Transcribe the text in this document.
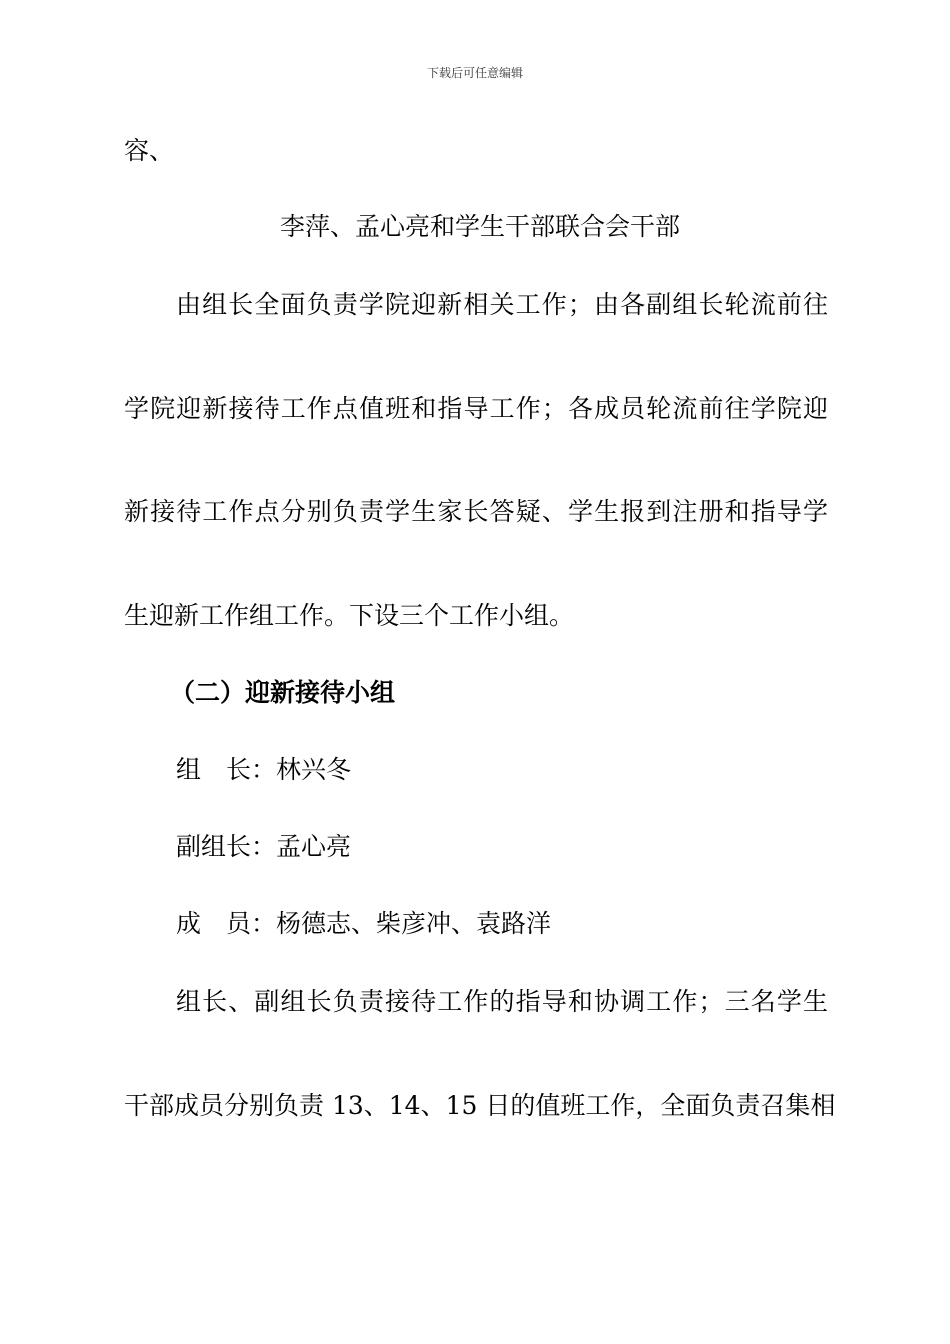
下载后可任意编辑
容、
李萍、孟心亮和学生干部联合会干部
由组长全面负责学院迎新相关工作；由各副组长轮流前往
学院迎新接待工作点值班和指导工作；各成员轮流前往学院迎
新接待工作点分别负责学生家长答疑、学生报到注册和指导学
生迎新工作组工作。下设三个工作小组。
（二）迎新接待小组
组　长：林兴冬
副组长：孟心亮
成　员：杨德志、柴彦冲、袁路洋
组长、副组长负责接待工作的指导和协调工作；三名学生
干部成员分别负责 13、14、15 日的值班工作，全面负责召集相
